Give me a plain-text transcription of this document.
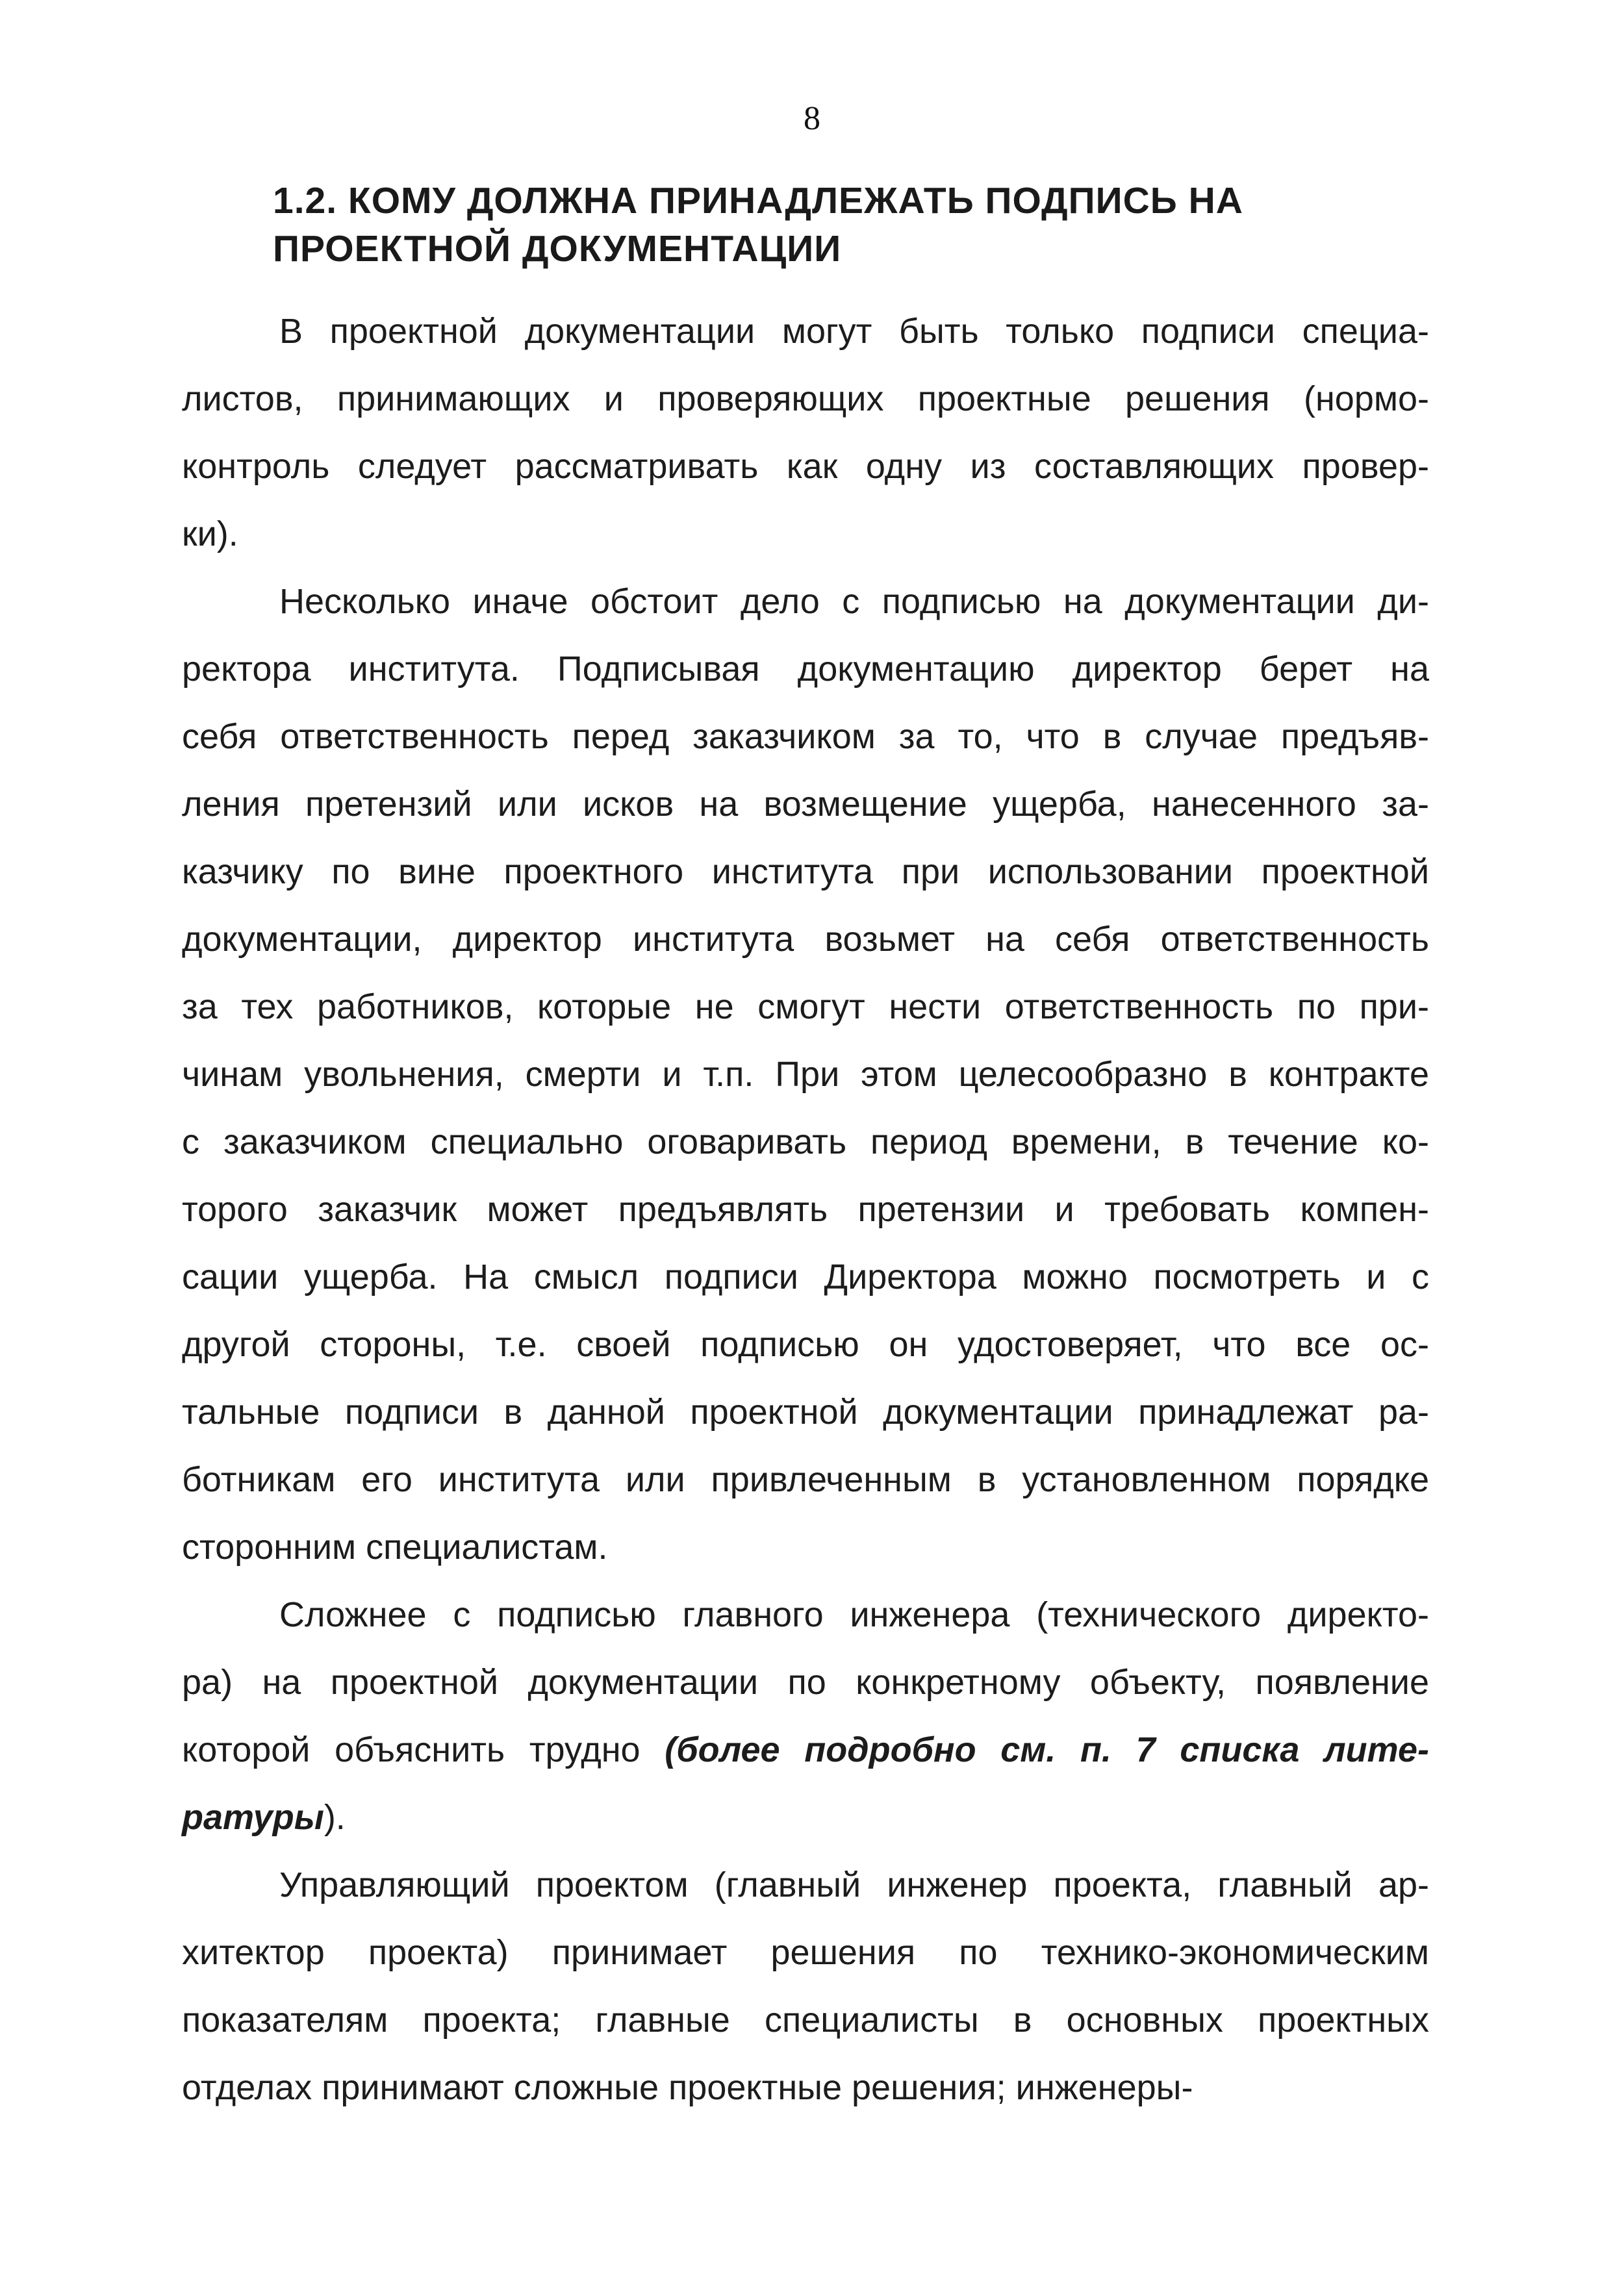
8
1.2. КОМУ ДОЛЖНА ПРИНАДЛЕЖАТЬ ПОДПИСЬ НА
ПРОЕКТНОЙ ДОКУМЕНТАЦИИ
В проектной документации могут быть только подписи специа-
листов, принимающих и проверяющих проектные решения (нормо-
контроль следует рассматривать как одну из составляющих провер-
ки).
Несколько иначе обстоит дело с подписью на документации ди-
ректора института. Подписывая документацию директор берет на
себя ответственность перед заказчиком за то, что в случае предъяв-
ления претензий или исков на возмещение ущерба, нанесенного за-
казчику по вине проектного института при использовании проектной
документации, директор института возьмет на себя ответственность
за тех работников, которые не смогут нести ответственность по при-
чинам увольнения, смерти и т.п. При этом целесообразно в контракте
с заказчиком специально оговаривать период времени, в течение ко-
торого заказчик может предъявлять претензии и требовать компен-
сации ущерба. На смысл подписи Директора можно посмотреть и с
другой стороны, т.е. своей подписью он удостоверяет, что все ос-
тальные подписи в данной проектной документации принадлежат ра-
ботникам его института или привлеченным в установленном порядке
сторонним специалистам.
Сложнее с подписью главного инженера (технического директо-
ра) на проектной документации по конкретному объекту, появление
которой объяснить трудно (более подробно см. п. 7 списка лите-
ратуры).
Управляющий проектом (главный инженер проекта, главный ар-
хитектор проекта) принимает решения по технико-экономическим
показателям проекта; главные специалисты в основных проектных
отделах принимают сложные проектные решения; инженеры-
